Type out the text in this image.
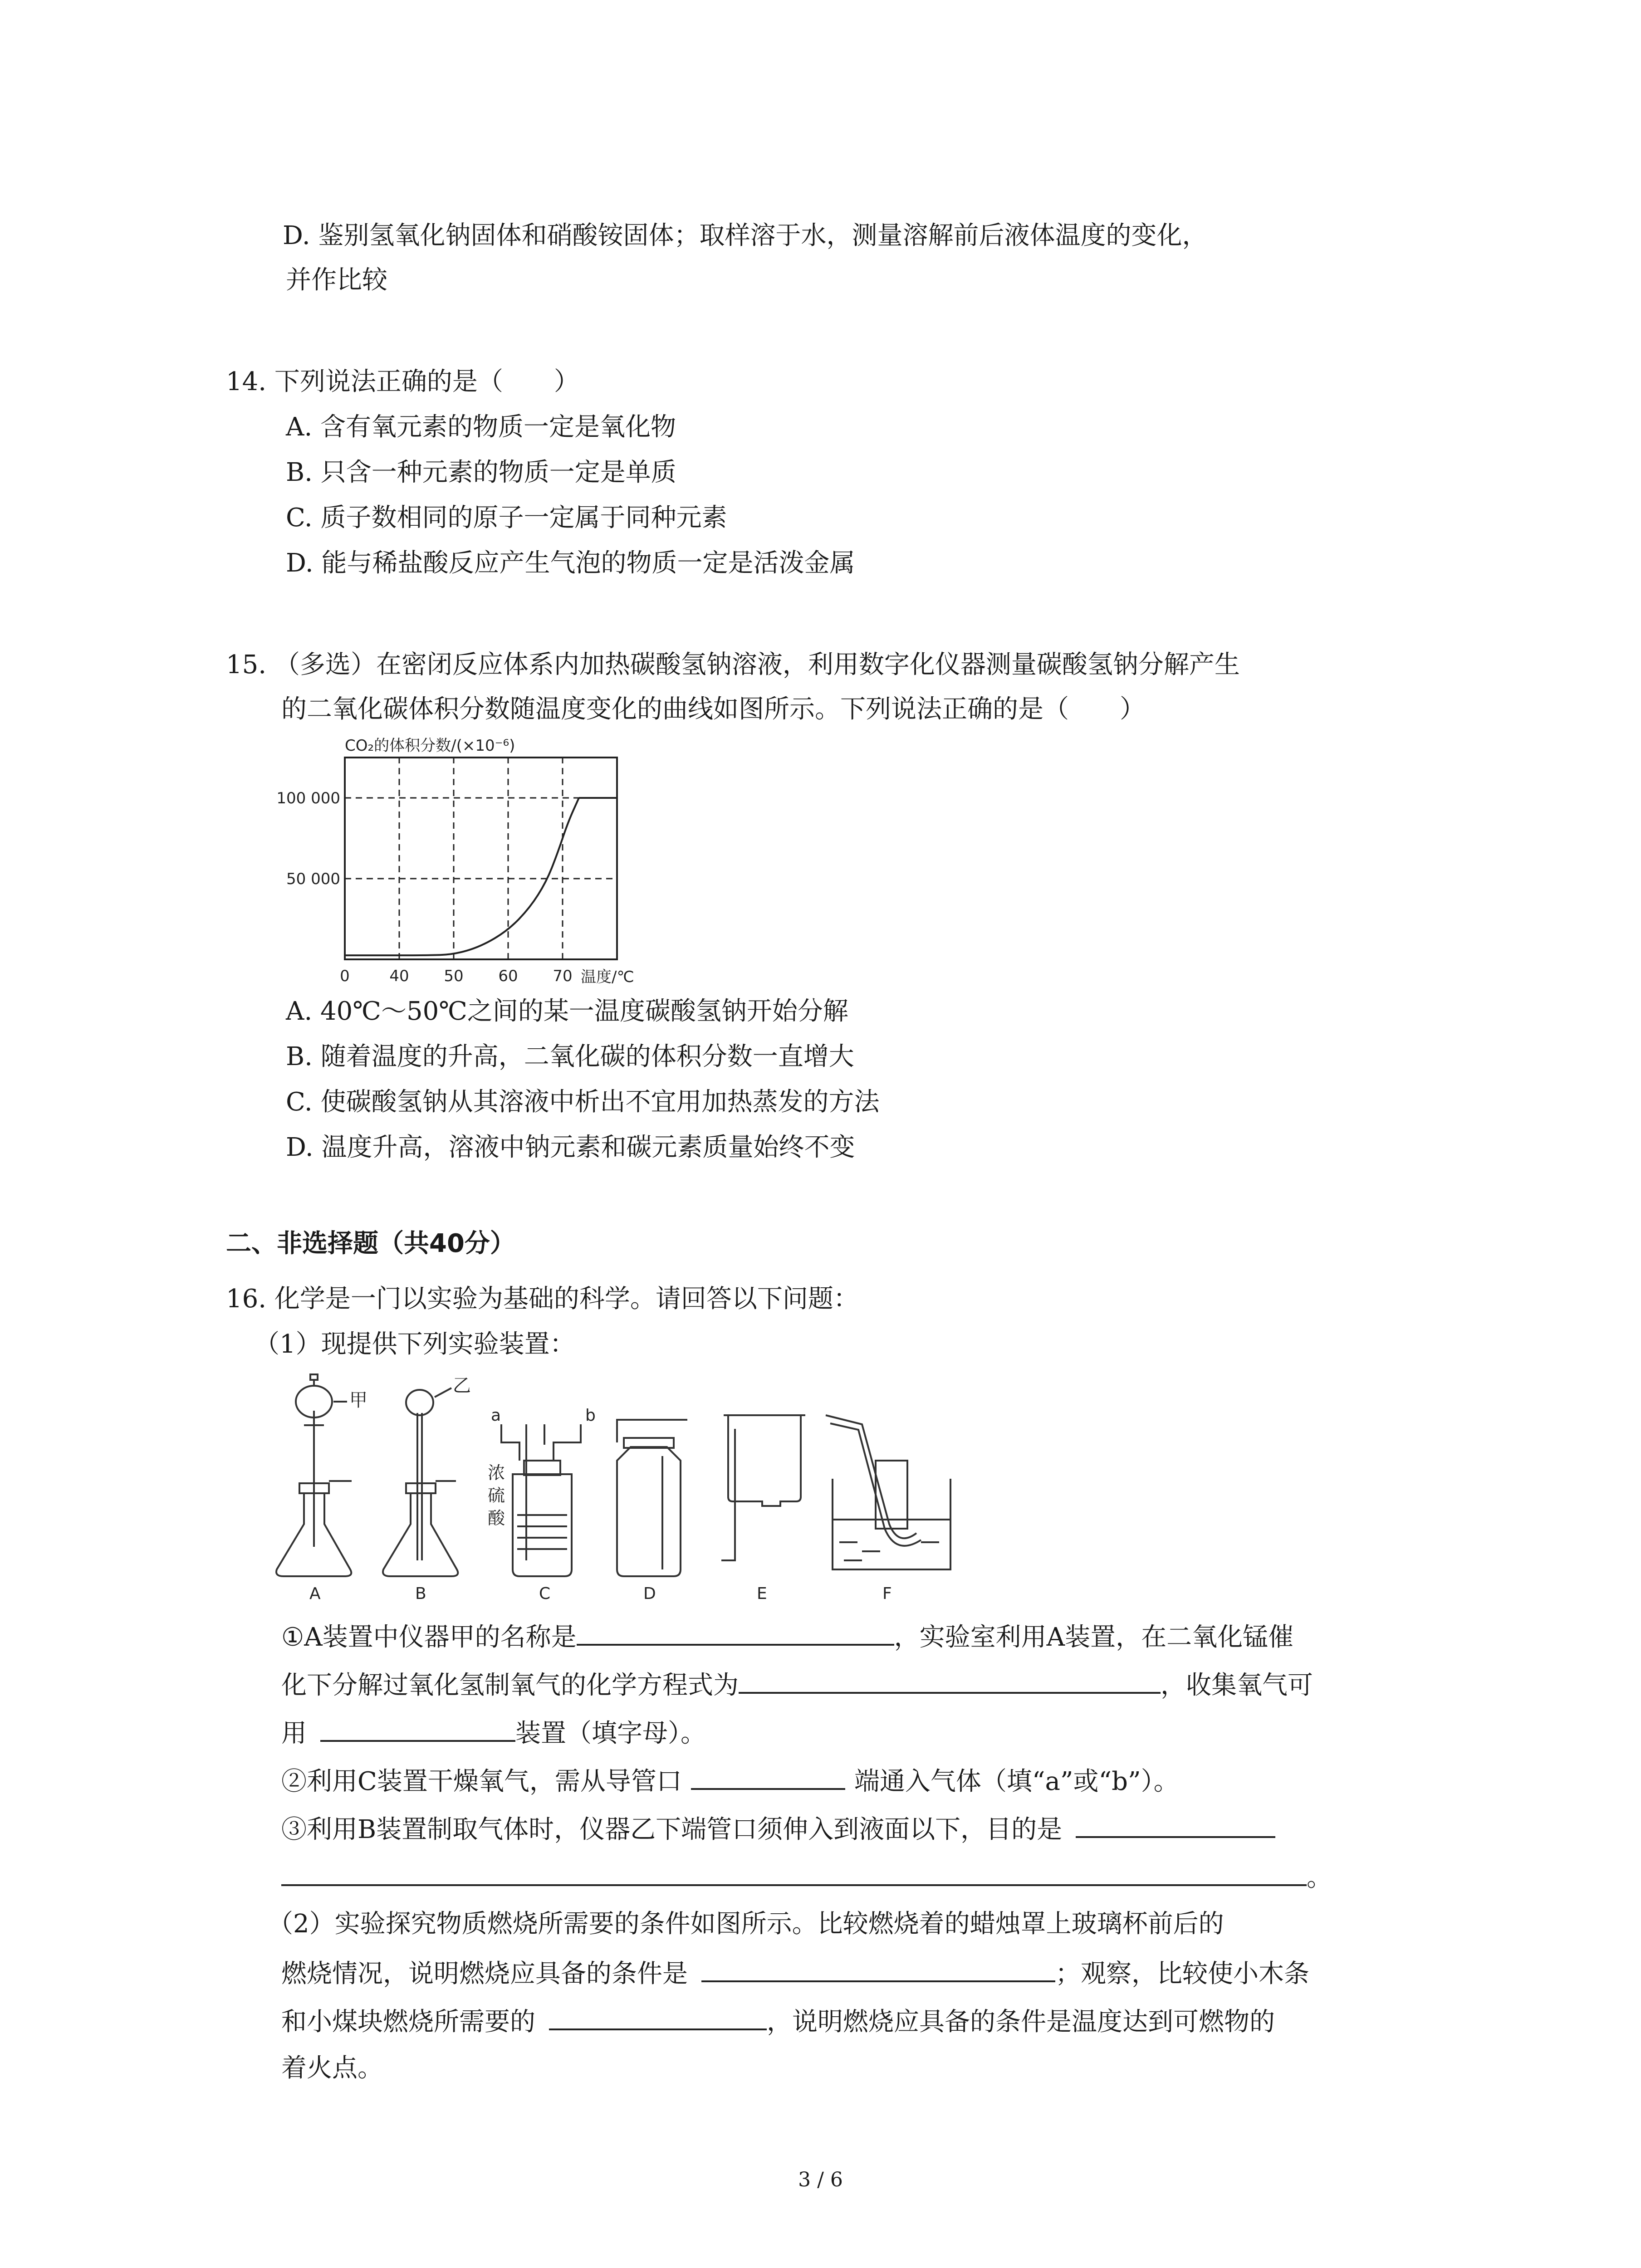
D. 鉴别氢氧化钠固体和硝酸铵固体；取样溶于水，测量溶解前后液体温度的变化，
并作比较
14. 下列说法正确的是（　　）
A. 含有氧元素的物质一定是氧化物
B. 只含一种元素的物质一定是单质
C. 质子数相同的原子一定属于同种元素
D. 能与稀盐酸反应产生气泡的物质一定是活泼金属
15. （多选）在密闭反应体系内加热碳酸氢钠溶液，利用数字化仪器测量碳酸氢钠分解产生
的二氧化碳体积分数随温度变化的曲线如图所示。下列说法正确的是（　　）
CO₂的体积分数/(×10⁻⁶)
温度/℃
0	40 50 60 70
50 000
100 000
A. 40℃～50℃之间的某一温度碳酸氢钠开始分解
B. 随着温度的升高，二氧化碳的体积分数一直增大
C. 使碳酸氢钠从其溶液中析出不宜用加热蒸发的方法
D. 温度升高，溶液中钠元素和碳元素质量始终不变
二、非选择题（共40分）
16. 化学是一门以实验为基础的科学。请回答以下问题：
（1）现提供下列实验装置：
甲
乙
a	b
浓
硫
酸
A	B	C	D	E	F
①A装置中仪器甲的名称是	，实验室利用A装置，在二氧化锰催
化下分解过氧化氢制氧气的化学方程式为	，收集氧气可
用	装置（填字母）。
②利用C装置干燥氧气，需从导管口	端通入气体（填“a”或“b”）。
③利用B装置制取气体时，仪器乙下端管口须伸入到液面以下，目的是
。
（2）实验探究物质燃烧所需要的条件如图所示。比较燃烧着的蜡烛罩上玻璃杯前后的
燃烧情况，说明燃烧应具备的条件是	；观察，比较使小木条
和小煤块燃烧所需要的	，说明燃烧应具备的条件是温度达到可燃物的
着火点。
3 / 6
